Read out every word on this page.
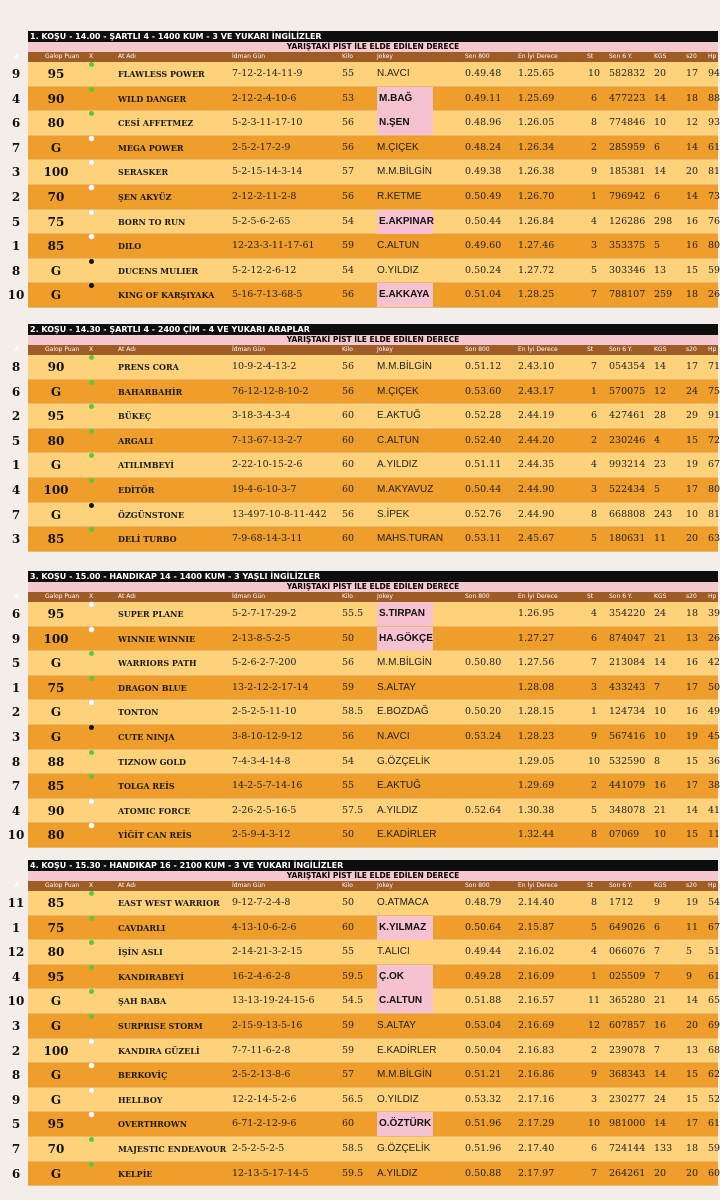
1. KOŞU - 14.00 - ŞARTLI 4 - 1400 KUM - 3 VE YUKARI İNGİLİZLER
YARIŞTAKİ PİST İLE ELDE EDİLEN DERECE
#	Galop Puan X	At Adı	İdman Gün	Kilo	Jokey	Son 800	En İyi Derece	St	Son 6 Y.	KGS	s20 Hp
9	95	FLAWLESS POWER	7-12-2-14-11-9	55 N.AVCI	0.49.48 1.25.65	10 582832 20 17 94
4	90	WILD DANGER	2-12-2-4-10-6	53 M.BAĞ	0.49.11 1.25.69	6	477223 14 18 88
6	80	CESİ AFFETMEZ	5-2-3-11-17-10	56 N.ŞEN	0.48.96 1.26.05	8	774846 10 12 93
7	G	MEGA POWER	2-5-2-17-2-9	56 M.ÇIÇEK	0.48.24 1.26.34	2	285959 6	14 61
3	100	SERASKER	5-2-15-14-3-14	57 M.M.BİLGİN	0.49.38 1.26.38	9	185381 14 20 81
2	70	ŞEN AKYÜZ	2-12-2-11-2-8	56 R.KETME	0.50.49 1.26.70	1	796942 6	14 73
5	75	BORN TO RUN	5-2-5-6-2-65	54 E.AKPINAR	0.50.44 1.26.84	4	126286 298 16 76
1	85	DILO	12-23-3-11-17-61	59 C.ALTUN	0.49.60 1.27.46	3	353375 5	16 80
8	G	DUCENS MULIER	5-2-12-2-6-12	54 O.YILDIZ	0.50.24 1.27.72	5	303346 13 15 59
10	G	KING OF KARŞIYAKA 5-16-7-13-68-5	56 E.AKKAYA	0.51.04 1.28.25	7	788107 259 18 26
2. KOŞU - 14.30 - ŞARTLI 4 - 2400 ÇİM - 4 VE YUKARI ARAPLAR
YARIŞTAKİ PİST İLE ELDE EDİLEN DERECE
#	Galop Puan X	At Adı	İdman Gün	Kilo	Jokey	Son 800	En İyi Derece	St	Son 6 Y.	KGS	s20 Hp
8	90	PRENS CORA	10-9-2-4-13-2	56 M.M.BİLGİN	0.51.12 2.43.10	7	054354 14 17 71
6	G	BAHARBAHİR	76-12-12-8-10-2	56 M.ÇIÇEK	0.53.60 2.43.17	1	570075 12 24 75
2	95	BÜKEÇ	3-18-3-4-3-4	60 E.AKTUĞ	0.52.28 2.44.19	6	427461 28 29 91
5	80	ARGALI	7-13-67-13-2-7	60 C.ALTUN	0.52.40 2.44.20	2	230246 4	15 72
1	G	ATILIMBEYİ	2-22-10-15-2-6	60 A.YILDIZ	0.51.11 2.44.35	4	993214 23 19 67
4	100	EDİTÖR	19-4-6-10-3-7	60 M.AKYAVUZ	0.50.44 2.44.90	3	522434 5	17 80
7	G	ÖZGÜNSTONE	13-497-10-8-11-442 56 S.İPEK	0.52.76 2.44.90	8	668808 243 10 81
3	85	DELİ TURBO	7-9-68-14-3-11	60 MAHS.TURAN 0.53.11 2.45.67	5	180631 11 20 63
3. KOŞU - 15.00 - HANDIKAP 14 - 1400 KUM - 3 YAŞLI İNGİLİZLER
YARIŞTAKİ PİST İLE ELDE EDİLEN DERECE
#	Galop Puan X	At Adı	İdman Gün	Kilo	Jokey	Son 800	En İyi Derece	St	Son 6 Y.	KGS	s20 Hp
6	95	SUPER PLANE	5-2-7-17-29-2	55.5 S.TIRPAN	1.26.95	4	354220 24 18 39
9	100	WINNIE WINNIE	2-13-8-5-2-5	50 HA.GÖKÇE	1.27.27	6	874047 21 13 26
5	G	WARRIORS PATH	5-2-6-2-7-200	56 M.M.BİLGİN	0.50.80 1.27.56	7	213084 14 16 42
1	75	DRAGON BLUE	13-2-12-2-17-14	59 S.ALTAY	1.28.08	3	433243 7	17 50
2	G	TONTON	2-5-2-5-11-10	58.5 E.BOZDAĞ	0.50.20 1.28.15	1	124734 10 16 49
3	G	CUTE NINJA	3-8-10-12-9-12	56 N.AVCI	0.53.24 1.28.23	9	567416 10 19 45
8	88	TIZNOW GOLD	7-4-3-4-14-8	54 G.ÖZÇELİK	1.29.05	10 532590 8	15 36
7	85	TOLGA REİS	14-2-5-7-14-16	55 E.AKTUĞ	1.29.69	2	441079 16 17 38
4	90	ATOMIC FORCE	2-26-2-5-16-5	57.5 A.YILDIZ	0.52.64 1.30.38	5	348078 21 14 41
10	80	YİĞİT CAN REİS	2-5-9-4-3-12	50 E.KADİRLER	1.32.44	8	07069 10 15 11
4. KOŞU - 15.30 - HANDIKAP 16 - 2100 KUM - 3 VE YUKARI İNGİLİZLER
YARIŞTAKİ PİST İLE ELDE EDİLEN DERECE
#	Galop Puan X	At Adı	İdman Gün	Kilo	Jokey	Son 800	En İyi Derece	St	Son 6 Y.	KGS	s20 Hp
11	85	EAST WEST WARRIOR 9-12-7-2-4-8	50 O.ATMACA	0.48.79 2.14.40	8	1712 9	19 54
1	75	CAVDARLI	4-13-10-6-2-6	60 K.YILMAZ	0.50.64 2.15.87	5	649026 6	11 67
12	80	İŞİN ASLI	2-14-21-3-2-15	55 T.ALICI	0.49.44 2.16.02	4	066076 7	5 51
4	95	KANDIRABEYİ	16-2-4-6-2-8	59.5 Ç.OK	0.49.28 2.16.09	1	025509 7	9 61
10	G	ŞAH BABA	13-13-19-24-15-6	54.5 C.ALTUN	0.51.88 2.16.57	11 365280 21 14 65
3	G	SURPRISE STORM	2-15-9-13-5-16	59 S.ALTAY	0.53.04 2.16.69	12 607857 16 20 69
2	100	KANDIRA GÜZELİ	7-7-11-6-2-8	59 E.KADİRLER	0.50.04 2.16.83	2	239078 7	13 68
8	G	BERKOVİÇ	2-5-2-13-8-6	57 M.M.BİLGİN	0.51.21 2.16.86	9	368343 14 15 62
9	G	HELLBOY	12-2-14-5-2-6	56.5 O.YILDIZ	0.53.32 2.17.16	3	230277 24 15 52
5	95	OVERTHROWN	6-71-2-12-9-6	60 O.ÖZTÜRK	0.51.96 2.17.29	10 981000 14 17 61
7	70	MAJESTIC ENDEAVOUR 2-5-2-5-2-5	58.5 G.ÖZÇELİK	0.51.96 2.17.40	6	724144 133 18 59
6	G	KELPİE	12-13-5-17-14-5	59.5 A.YILDIZ	0.50.88 2.17.97	7	264261 20 20 60
